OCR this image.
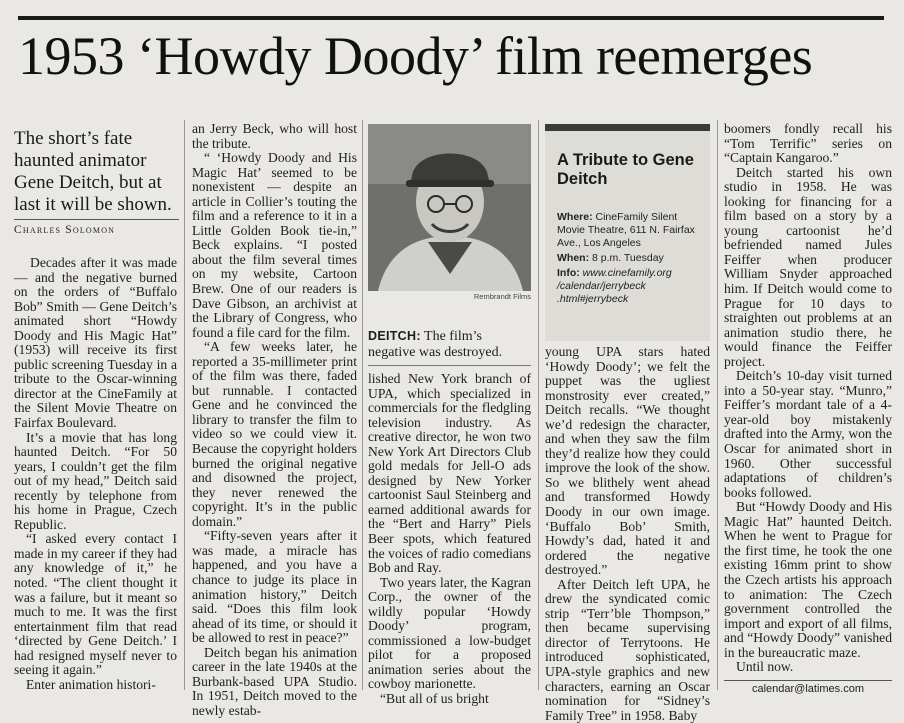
1953 ‘Howdy Doody’ film reemerges
The short’s fate haunted animator Gene Deitch, but at last it will be shown.
Charles Solomon

Decades after it was made — and the negative burned on the orders of “Buffalo Bob” Smith — Gene Deitch’s animated short “Howdy Doody and His Magic Hat” (1953) will receive its first public screening Tuesday in a tribute to the Oscar-winning director at the CineFamily at the Silent Movie Theatre on Fairfax Boulevard.

It’s a movie that has long haunted Deitch. “For 50 years, I couldn’t get the film out of my head,” Deitch said recently by telephone from his home in Prague, Czech Republic.

“I asked every contact I made in my career if they had any knowledge of it,” he noted. “The client thought it was a failure, but it meant so much to me. It was the first entertainment film that read ‘directed by Gene Deitch.’ I had resigned myself never to seeing it again.”

Enter animation histori-

an Jerry Beck, who will host the tribute.

“ ‘Howdy Doody and His Magic Hat’ seemed to be nonexistent — despite an article in Collier’s touting the film and a reference to it in a Little Golden Book tie-in,” Beck explains. “I posted about the film several times on my website, Cartoon Brew. One of our readers is Dave Gibson, an archivist at the Library of Congress, who found a file card for the film.

“A few weeks later, he reported a 35-millimeter print of the film was there, faded but runnable. I contacted Gene and he convinced the library to transfer the film to video so we could view it. Because the copyright holders burned the original negative and disowned the project, they never renewed the copyright. It’s in the public domain.”

“Fifty-seven years after it was made, a miracle has happened, and you have a chance to judge its place in animation history,” Deitch said. “Does this film look ahead of its time, or should it be allowed to rest in peace?”

Deitch began his animation career in the late 1940s at the Burbank-based UPA Studio. In 1951, Deitch moved to the newly estab-

Rembrandt Films
DEITCH: The film’s negative was destroyed.

lished New York branch of UPA, which specialized in commercials for the fledgling television industry. As creative director, he won two New York Art Directors Club gold medals for Jell-O ads designed by New Yorker cartoonist Saul Steinberg and earned additional awards for the “Bert and Harry” Piels Beer spots, which featured the voices of radio comedians Bob and Ray.

Two years later, the Kagran Corp., the owner of the wildly popular ‘Howdy Doody’ program, commissioned a low-budget pilot for a proposed animation series about the cowboy marionette.

“But all of us bright

A Tribute to Gene Deitch
Where: CineFamily Silent Movie Theatre, 611 N. Fairfax Ave., Los Angeles
When: 8 p.m. Tuesday
Info: www.cinefamily.org /calendar/jerrybeck .html#jerrybeck

young UPA stars hated ‘Howdy Doody’; we felt the puppet was the ugliest monstrosity ever created,” Deitch recalls. “We thought we’d redesign the character, and when they saw the film they’d realize how they could improve the look of the show. So we blithely went ahead and transformed Howdy Doody in our own image. ‘Buffalo Bob’ Smith, Howdy’s dad, hated it and ordered the negative destroyed.”

After Deitch left UPA, he drew the syndicated comic strip “Terr’ble Thompson,” then became supervising director of Terrytoons. He introduced sophisticated, UPA-style graphics and new characters, earning an Oscar nomination for “Sidney’s Family Tree” in 1958. Baby

boomers fondly recall his “Tom Terrific” series on “Captain Kangaroo.”

Deitch started his own studio in 1958. He was looking for financing for a film based on a story by a young cartoonist he’d befriended named Jules Feiffer when producer William Snyder approached him. If Deitch would come to Prague for 10 days to straighten out problems at an animation studio there, he would finance the Feiffer project.

Deitch’s 10-day visit turned into a 50-year stay. “Munro,” Feiffer’s mordant tale of a 4-year-old boy mistakenly drafted into the Army, won the Oscar for animated short in 1960. Other successful adaptations of children’s books followed.

But “Howdy Doody and His Magic Hat” haunted Deitch. When he went to Prague for the first time, he took the one existing 16mm print to show the Czech artists his approach to animation: The Czech government controlled the import and export of all films, and “Howdy Doody” vanished in the bureaucratic maze.

Until now.

calendar@latimes.com
